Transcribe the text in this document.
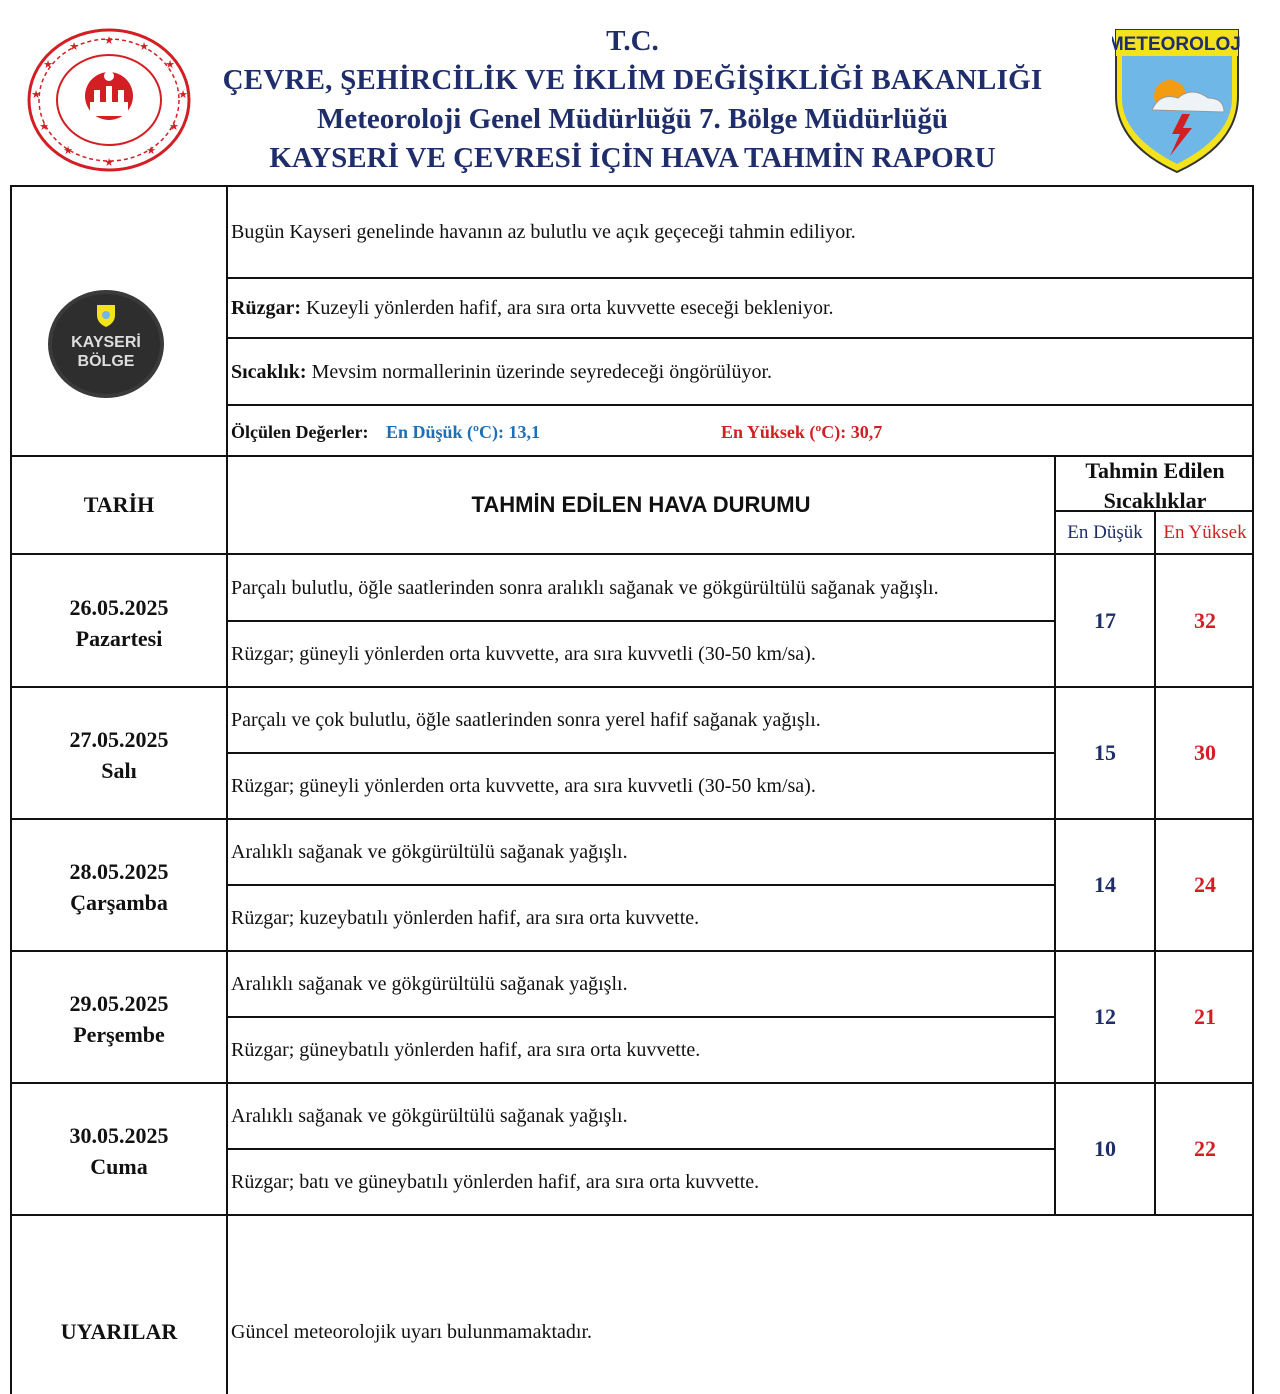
★ ★
★
★
★
★
★
★
★
★
★
★	T.C.
ÇEVRE, ŞEHİRCİLİK VE İKLİM DEĞİŞİKLİĞİ BAKANLIĞI
Meteoroloji Genel Müdürlüğü 7. Bölge Müdürlüğü
KAYSERİ VE ÇEVRESİ İÇİN HAVA TAHMİN RAPORU
METEOROLOJİ
KAYSERİ
BÖLGE
Bugün Kayseri genelinde havanın az bulutlu ve açık geçeceği tahmin ediliyor.
Rüzgar: Kuzeyli yönlerden hafif, ara sıra orta kuvvette eseceği bekleniyor.
Sıcaklık: Mevsim normallerinin üzerinde seyredeceği öngörülüyor.
Ölçülen Değerler: En Düşük (ºC): 13,1	En Yüksek (ºC): 30,7
TARİH	TAHMİN EDİLEN HAVA DURUMU
Tahmin Edilen
Sıcaklıklar
En Düşük	En Yüksek
26.05.2025
Pazartesi
Parçalı bulutlu, öğle saatlerinden sonra aralıklı sağanak ve gökgürültülü sağanak yağışlı.
Rüzgar; güneyli yönlerden orta kuvvette, ara sıra kuvvetli (30-50 km/sa).
17	32
27.05.2025
Salı
Parçalı ve çok bulutlu, öğle saatlerinden sonra yerel hafif sağanak yağışlı.
Rüzgar; güneyli yönlerden orta kuvvette, ara sıra kuvvetli (30-50 km/sa).
15	30
28.05.2025
Çarşamba
Aralıklı sağanak ve gökgürültülü sağanak yağışlı.
Rüzgar; kuzeybatılı yönlerden hafif, ara sıra orta kuvvette.
14	24
29.05.2025
Perşembe
Aralıklı sağanak ve gökgürültülü sağanak yağışlı.
Rüzgar; güneybatılı yönlerden hafif, ara sıra orta kuvvette.
12	21
30.05.2025
Cuma
Aralıklı sağanak ve gökgürültülü sağanak yağışlı.
Rüzgar; batı ve güneybatılı yönlerden hafif, ara sıra orta kuvvette.
10	22
UYARILAR	Güncel meteorolojik uyarı bulunmamaktadır.
